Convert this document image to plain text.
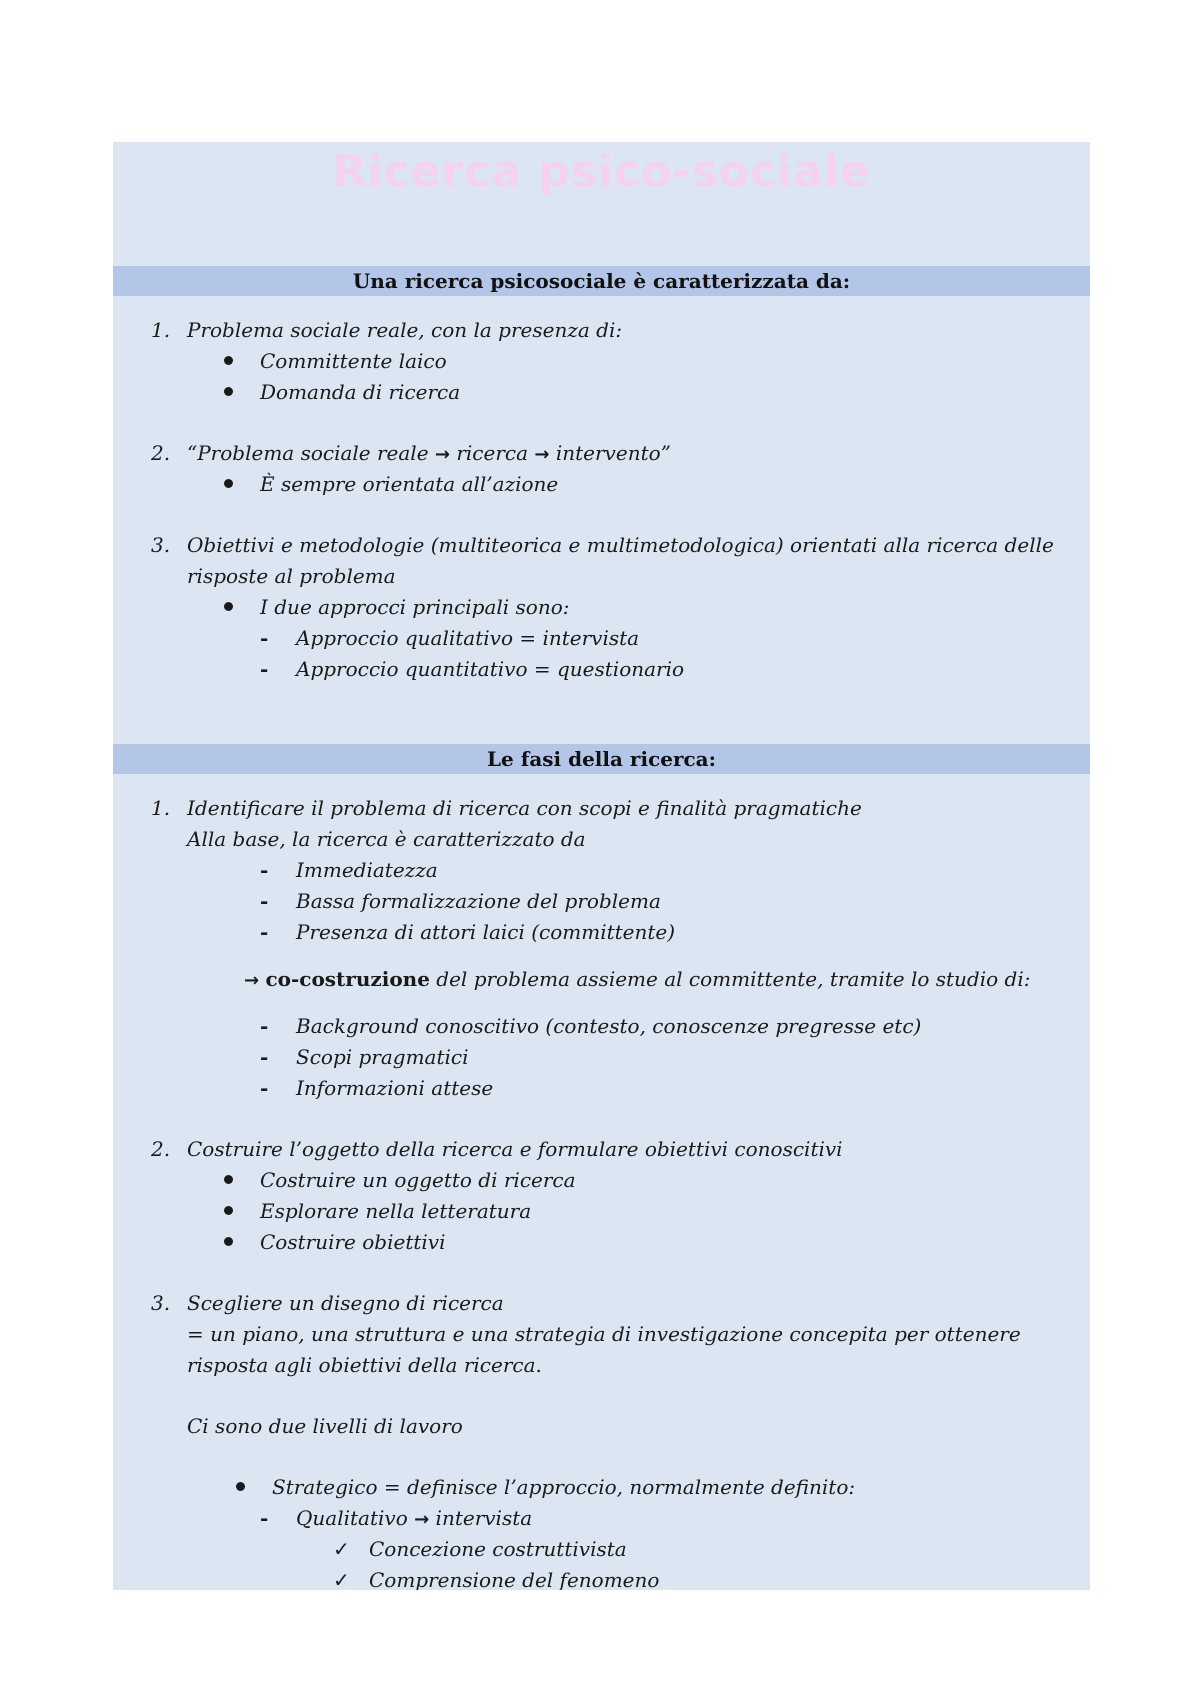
Ricerca psico-sociale
Una ricerca psicosociale è caratterizzata da:
1. Problema sociale reale, con la presenza di:
Committente laico
Domanda di ricerca
2. “Problema sociale reale → ricerca → intervento”
È sempre orientata all’azione
3. Obiettivi e metodologie (multiteorica e multimetodologica) orientati alla ricerca delle
risposte al problema
I due approcci principali sono:
- Approccio qualitativo = intervista
- Approccio quantitativo = questionario
Le fasi della ricerca:
1. Identificare il problema di ricerca con scopi e finalità pragmatiche
Alla base, la ricerca è caratterizzato da
- Immediatezza
- Bassa formalizzazione del problema
- Presenza di attori laici (committente)
→ co-costruzione del problema assieme al committente, tramite lo studio di:
- Background conoscitivo (contesto, conoscenze pregresse etc)
- Scopi pragmatici
- Informazioni attese
2. Costruire l’oggetto della ricerca e formulare obiettivi conoscitivi
Costruire un oggetto di ricerca
Esplorare nella letteratura
Costruire obiettivi
3. Scegliere un disegno di ricerca
= un piano, una struttura e una strategia di investigazione concepita per ottenere
risposta agli obiettivi della ricerca.
Ci sono due livelli di lavoro
Strategico = definisce l’approccio, normalmente definito:
- Qualitativo → intervista
✓ Concezione costruttivista
✓ Comprensione del fenomeno
